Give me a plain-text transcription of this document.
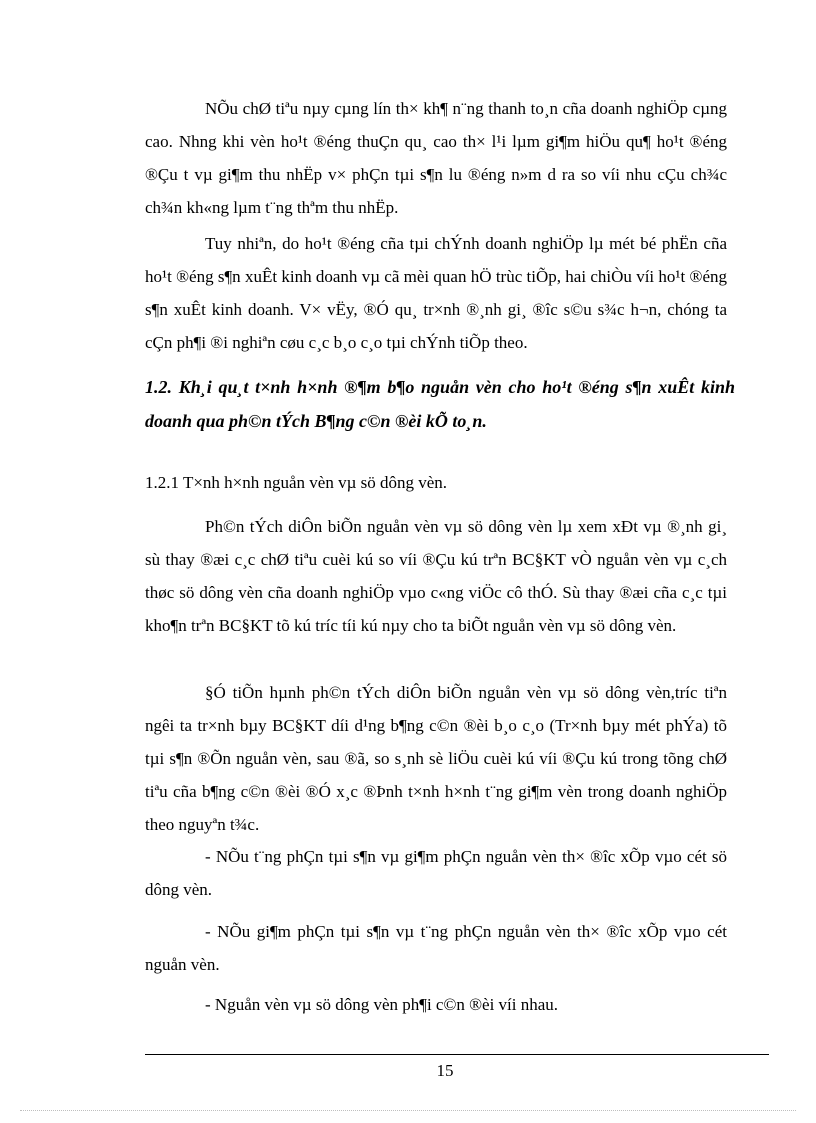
NÕu chØ tiªu nµy cµng lín th× kh¶ n¨ng thanh to¸n cña doanh nghiÖp cµng cao. Nhng khi vèn ho¹t ®éng thuÇn qu¸ cao th× l¹i lµm gi¶m hiÖu qu¶ ho¹t ®éng ®Çu t vµ gi¶m thu nhËp v× phÇn tµi s¶n lu ®éng n»m d ra so víi nhu cÇu ch¾c ch¾n kh«ng lµm t¨ng thªm thu nhËp.

Tuy nhiªn, do ho¹t ®éng cña tµi chÝnh doanh nghiÖp lµ mét bé phËn cña ho¹t ®éng s¶n xuÊt kinh doanh vµ cã mèi quan hÖ trùc tiÕp, hai chiÒu víi ho¹t ®éng s¶n xuÊt kinh doanh. V× vËy, ®Ó qu¸ tr×nh ®¸nh gi¸ ®îc s©u s¾c h¬n, chóng ta cÇn ph¶i ®i nghiªn cøu c¸c b¸o c¸o tµi chÝnh tiÕp theo.

1.2. Kh¸i qu¸t t×nh h×nh ®¶m b¶o nguån vèn cho ho¹t ®éng s¶n xuÊt kinh doanh qua ph©n tÝch B¶ng c©n ®èi kÕ to¸n.
1.2.1 T×nh h×nh nguån vèn vµ sö dông vèn.

Ph©n tÝch diÔn biÕn nguån vèn vµ sö dông vèn lµ xem xÐt vµ ®¸nh gi¸ sù thay ®æi c¸c chØ tiªu cuèi kú so víi ®Çu kú trªn BC§KT vÒ nguån vèn vµ c¸ch thøc sö dông vèn cña doanh nghiÖp vµo c«ng viÖc cô thÓ. Sù thay ®æi cña c¸c tµi kho¶n trªn BC§KT tõ kú tríc tíi kú nµy cho ta biÕt nguån vèn vµ sö dông vèn.

§Ó tiÕn hµnh ph©n tÝch diÔn biÕn nguån vèn vµ sö dông vèn,tríc tiªn ngêi ta tr×nh bµy BC§KT díi d¹ng b¶ng c©n ®èi b¸o c¸o (Tr×nh bµy mét phÝa) tõ tµi s¶n ®Õn nguån vèn, sau ®ã, so s¸nh sè liÖu cuèi kú víi ®Çu kú trong tõng chØ tiªu cña b¶ng c©n ®èi ®Ó x¸c ®Þnh t×nh h×nh t¨ng gi¶m vèn trong doanh nghiÖp theo nguyªn t¾c.

- NÕu t¨ng phÇn tµi s¶n vµ gi¶m phÇn nguån vèn th× ®îc xÕp vµo cét sö dông vèn.

- NÕu gi¶m phÇn tµi s¶n vµ t¨ng phÇn nguån vèn th× ®îc xÕp vµo cét nguån vèn.

- Nguån vèn vµ sö dông vèn ph¶i c©n ®èi víi nhau.

15
